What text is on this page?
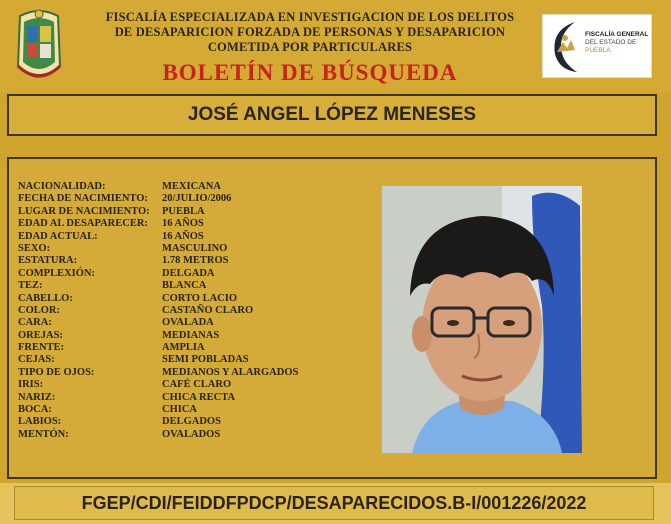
FISCALÍA ESPECIALIZADA EN INVESTIGACION DE LOS DELITOS
DE DESAPARICION FORZADA DE PERSONAS Y DESAPARICION
COMETIDA POR PARTICULARES
BOLETÍN DE BÚSQUEDA
FISCALÍA GENERAL
DEL ESTADO DE
PUEBLA
JOSÉ ANGEL LÓPEZ MENESES
NACIONALIDAD:	MEXICANA
FECHA DE NACIMIENTO: 20/JULIO/2006
LUGAR DE NACIMIENTO: PUEBLA
EDAD AL DESAPARECER: 16 AÑOS
EDAD ACTUAL:	16 AÑOS
SEXO:	MASCULINO
ESTATURA:	1.78 METROS
COMPLEXIÓN:	DELGADA
TEZ:	BLANCA
CABELLO:	CORTO LACIO
COLOR:	CASTAÑO CLARO
CARA:	OVALADA
OREJAS:	MEDIANAS
FRENTE:	AMPLIA
CEJAS:	SEMI POBLADAS
TIPO DE OJOS:	MEDIANOS Y ALARGADOS
IRIS:	CAFÉ CLARO
NARIZ:	CHICA RECTA
BOCA:	CHICA
LABIOS:	DELGADOS
MENTÓN:	OVALADOS
FGEP/CDI/FEIDDFPDCP/DESAPARECIDOS.B-I/001226/2022
